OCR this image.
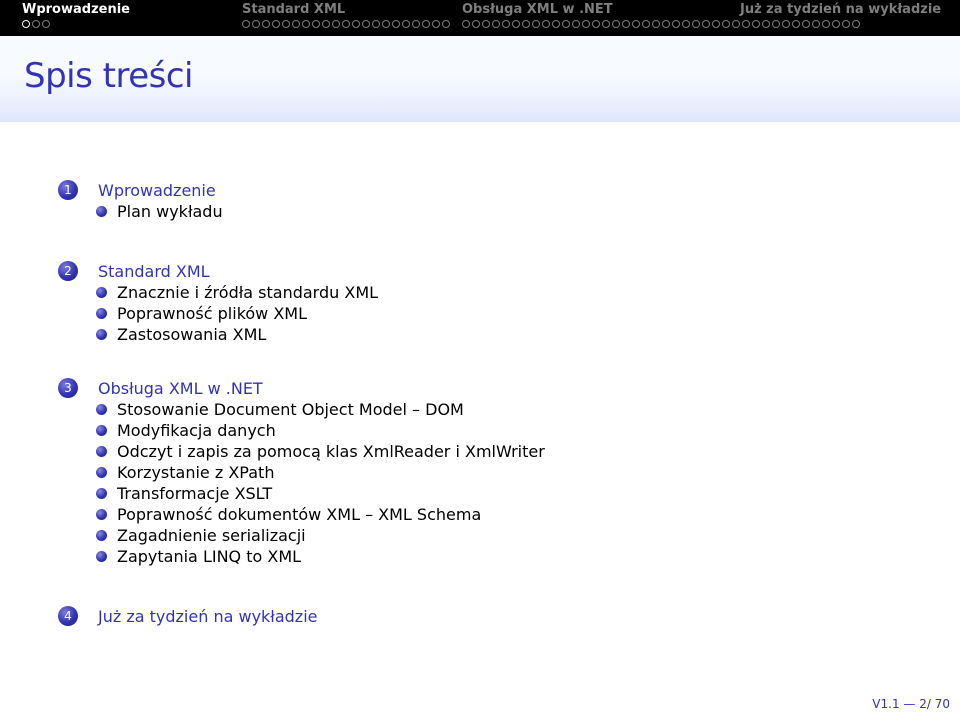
Wprowadzenie	Standard XML	Obsługa XML w .NET	Już za tydzień na wykładzie
Spis treści
1	Wprowadzenie
Plan wykładu
2	Standard XML
Znacznie i źródła standardu XML
Poprawność plików XML
Zastosowania XML
3	Obsługa XML w .NET
Stosowanie Document Object Model – DOM
Modyfikacja danych
Odczyt i zapis za pomocą klas XmlReader i XmlWriter
Korzystanie z XPath
Transformacje XSLT
Poprawność dokumentów XML – XML Schema
Zagadnienie serializacji
Zapytania LINQ to XML
4	Już za tydzień na wykładzie
V1.1 — 2/ 70
